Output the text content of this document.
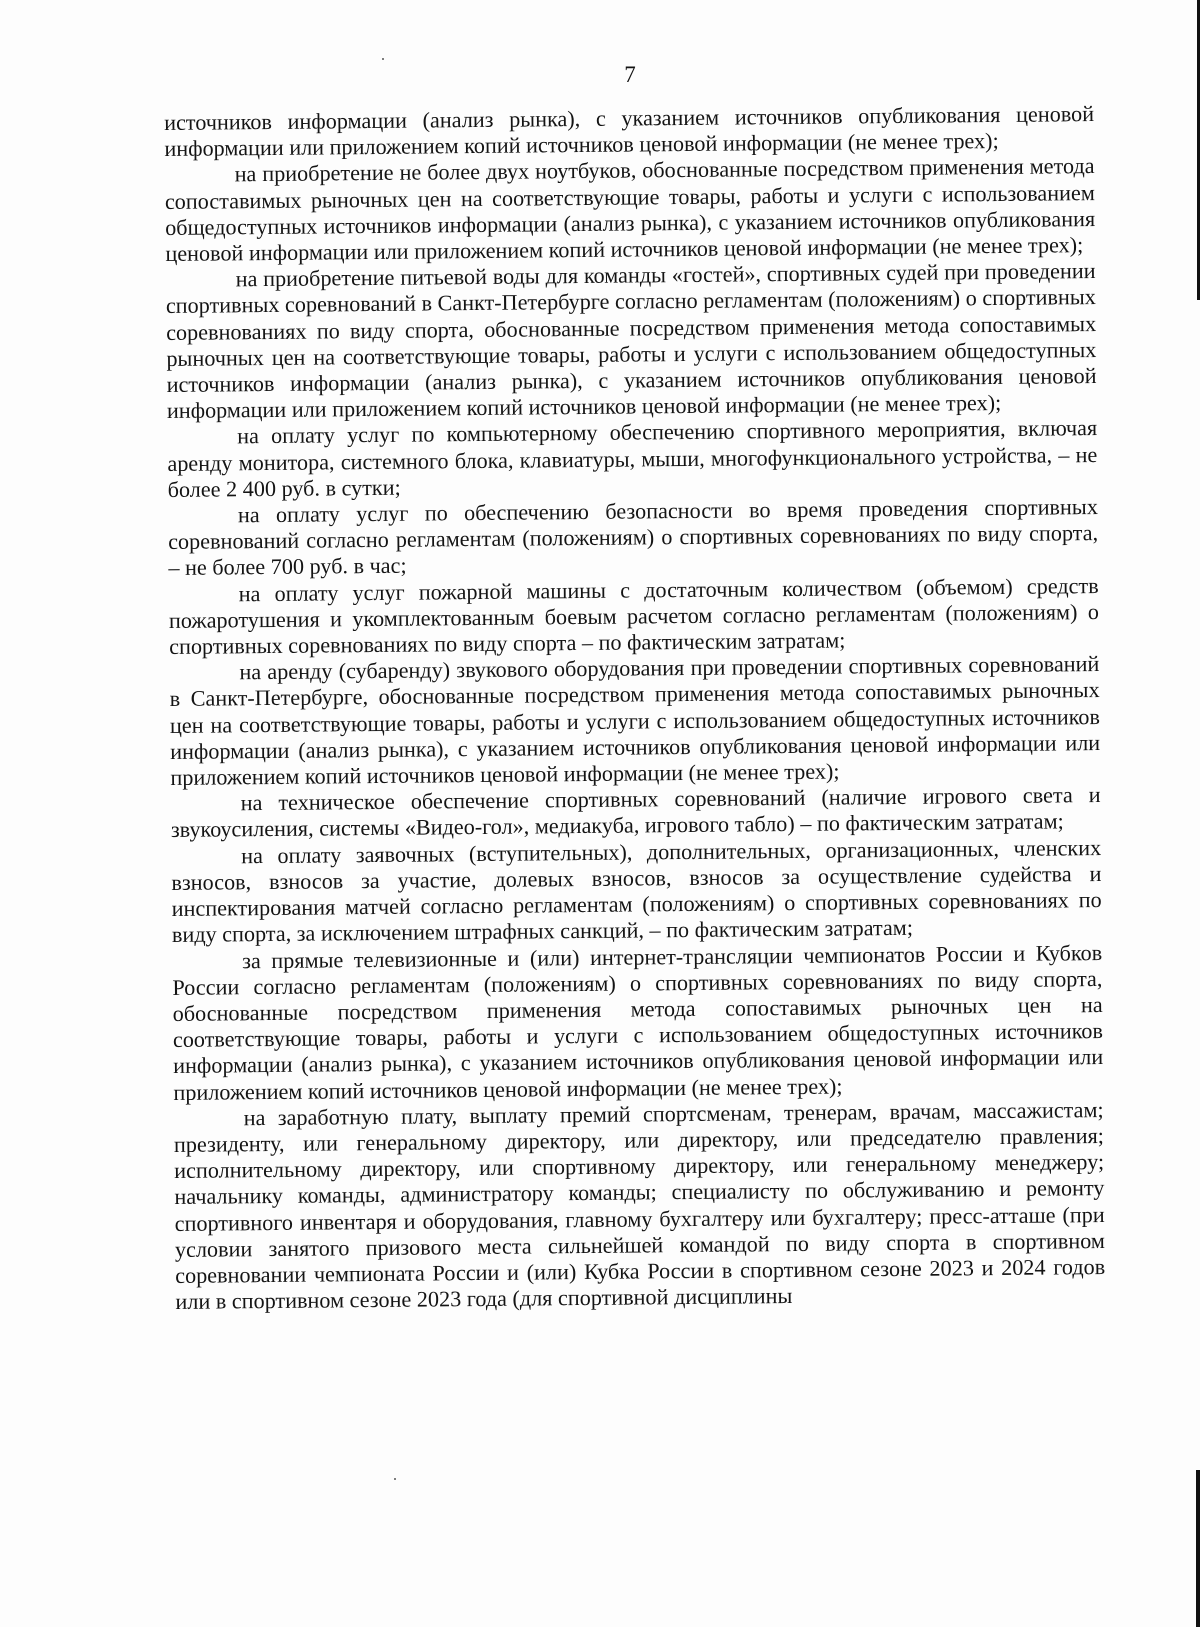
7

источников информации (анализ рынка), с указанием источников опубликования ценовой информации или приложением копий источников ценовой информации (не менее трех);

на приобретение не более двух ноутбуков, обоснованные посредством применения метода сопоставимых рыночных цен на соответствующие товары, работы и услуги с использованием общедоступных источников информации (анализ рынка), с указанием источников опубликования ценовой информации или приложением копий источников ценовой информации (не менее трех);

на приобретение питьевой воды для команды «гостей», спортивных судей при проведении спортивных соревнований в Санкт-Петербурге согласно регламентам (положениям) о спортивных соревнованиях по виду спорта, обоснованные посредством применения метода сопоставимых рыночных цен на соответствующие товары, работы и услуги с использованием общедоступных источников информации (анализ рынка), с указанием источников опубликования ценовой информации или приложением копий источников ценовой информации (не менее трех);

на оплату услуг по компьютерному обеспечению спортивного мероприятия, включая аренду монитора, системного блока, клавиатуры, мыши, многофункционального устройства, – не более 2 400 руб. в сутки;

на оплату услуг по обеспечению безопасности во время проведения спортивных соревнований согласно регламентам (положениям) о спортивных соревнованиях по виду спорта, – не более 700 руб. в час;

на оплату услуг пожарной машины с достаточным количеством (объемом) средств пожаротушения и укомплектованным боевым расчетом согласно регламентам (положениям) о спортивных соревнованиях по виду спорта – по фактическим затратам;

на аренду (субаренду) звукового оборудования при проведении спортивных соревнований в Санкт-Петербурге, обоснованные посредством применения метода сопоставимых рыночных цен на соответствующие товары, работы и услуги с использованием общедоступных источников информации (анализ рынка), с указанием источников опубликования ценовой информации или приложением копий источников ценовой информации (не менее трех);

на техническое обеспечение спортивных соревнований (наличие игрового света и звукоусиления, системы «Видео-гол», медиакуба, игрового табло) – по фактическим затратам;

на оплату заявочных (вступительных), дополнительных, организационных, членских взносов, взносов за участие, долевых взносов, взносов за осуществление судейства и инспектирования матчей согласно регламентам (положениям) о спортивных соревнованиях по виду спорта, за исключением штрафных санкций, – по фактическим затратам;

за прямые телевизионные и (или) интернет-трансляции чемпионатов России и Кубков России согласно регламентам (положениям) о спортивных соревнованиях по виду спорта, обоснованные посредством применения метода сопоставимых рыночных цен на соответствующие товары, работы и услуги с использованием общедоступных источников информации (анализ рынка), с указанием источников опубликования ценовой информации или приложением копий источников ценовой информации (не менее трех);

на заработную плату, выплату премий спортсменам, тренерам, врачам, массажистам; президенту, или генеральному директору, или директору, или председателю правления; исполнительному директору, или спортивному директору, или генеральному менеджеру; начальнику команды, администратору команды; специалисту по обслуживанию и ремонту спортивного инвентаря и оборудования, главному бухгалтеру или бухгалтеру; пресс-атташе (при условии занятого призового места сильнейшей командой по виду спорта в спортивном соревновании чемпионата России и (или) Кубка России в спортивном сезоне 2023 и 2024 годов или в спортивном сезоне 2023 года (для спортивной дисциплины
